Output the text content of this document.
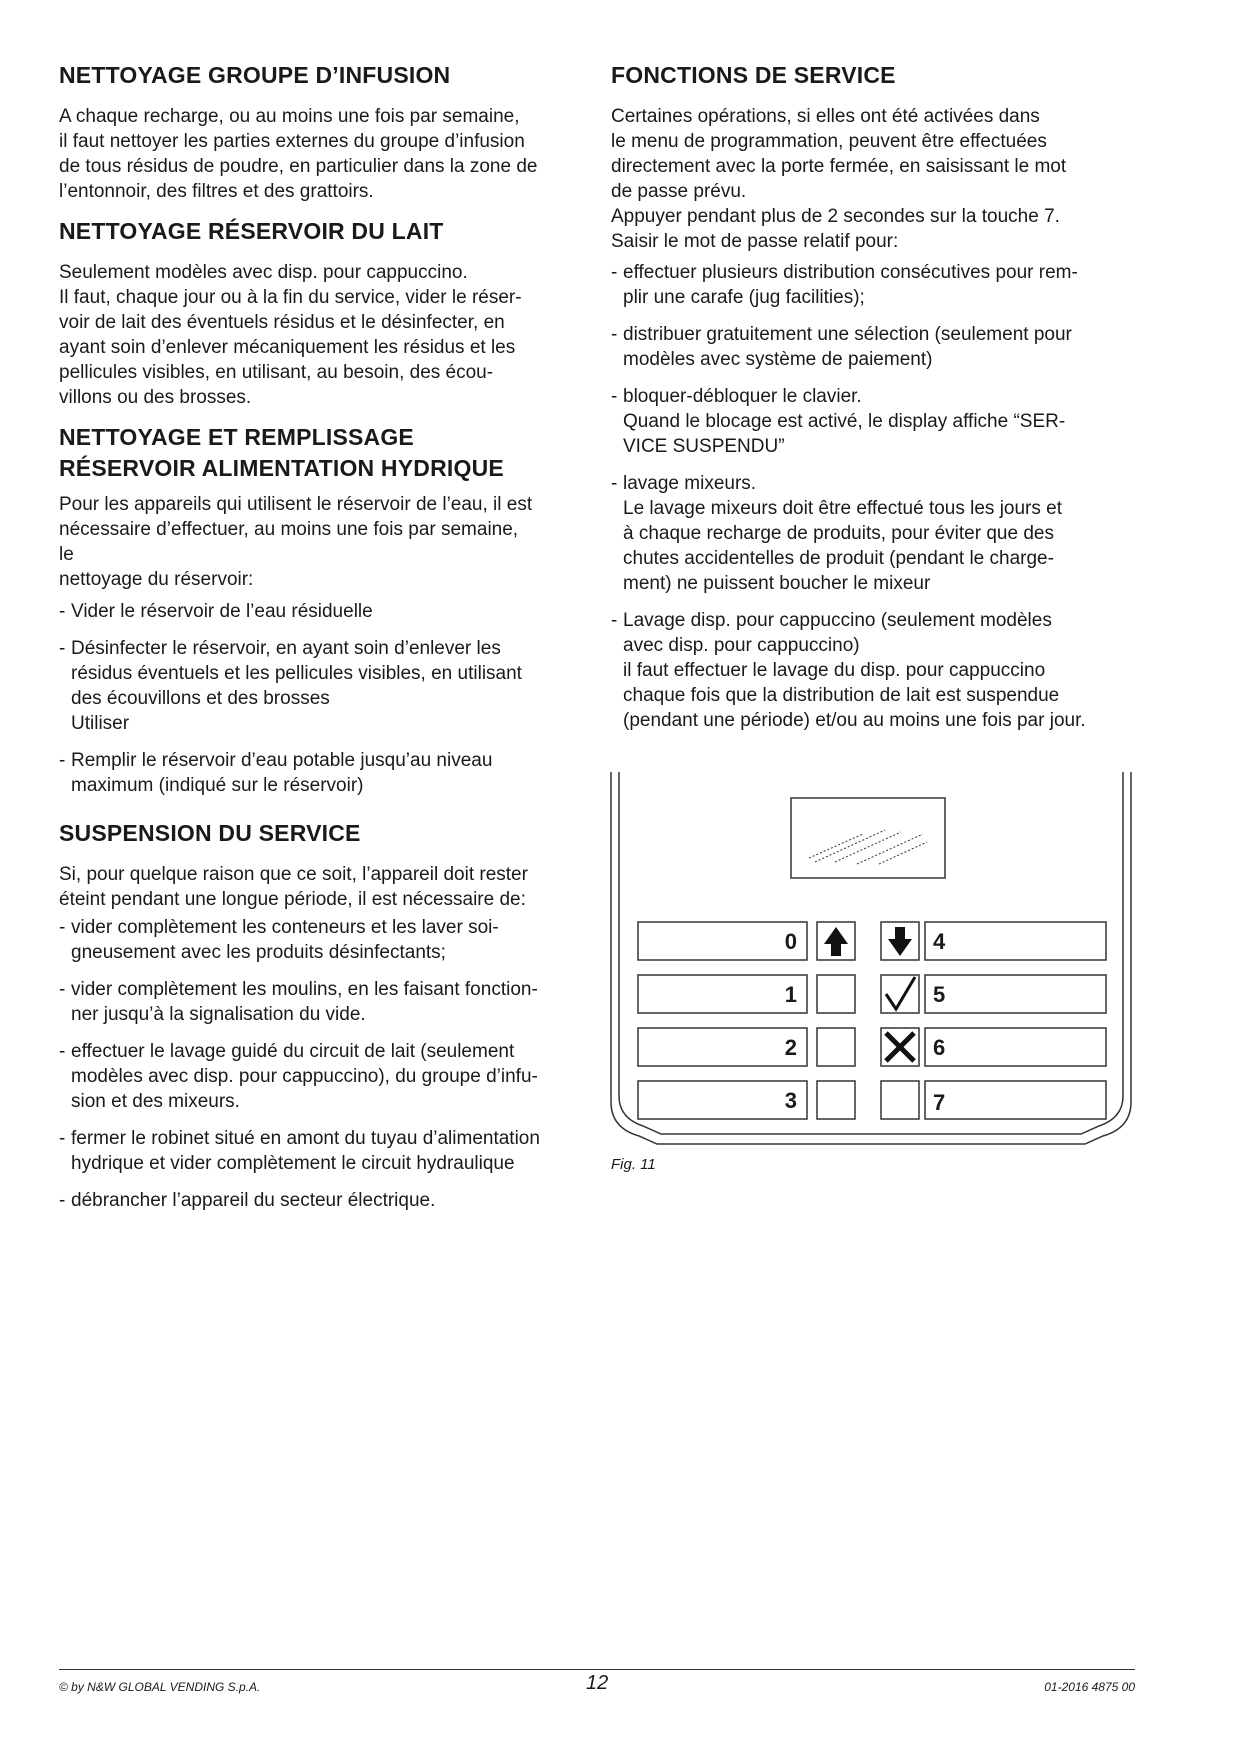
NETTOYAGE GROUPE D’INFUSION

A chaque recharge, ou au moins une fois par semaine,
il faut nettoyer les parties externes du groupe d’infusion
de tous résidus de poudre, en particulier dans la zone de
l’entonnoir, des filtres et des grattoirs.

NETTOYAGE RÉSERVOIR DU LAIT

Seulement modèles avec disp. pour cappuccino.
Il faut, chaque jour ou à la fin du service, vider le réser-
voir de lait des éventuels résidus et le désinfecter, en
ayant soin d’enlever mécaniquement les résidus et les
pellicules visibles, en utilisant, au besoin, des écou-
villons ou des brosses.

NETTOYAGE ET REMPLISSAGE
RÉSERVOIR ALIMENTATION HYDRIQUE

Pour les appareils qui utilisent le réservoir de l’eau, il est
nécessaire d’effectuer, au moins une fois par semaine,
le
nettoyage du réservoir:

- Vider le réservoir de l’eau résiduelle
- Désinfecter le réservoir, en ayant soin d’enlever les
résidus éventuels et les pellicules visibles, en utilisant
des écouvillons et des brosses
Utiliser
- Remplir le réservoir d’eau potable jusqu’au niveau
maximum (indiqué sur le réservoir)
SUSPENSION DU SERVICE

Si, pour quelque raison que ce soit, l’appareil doit rester
éteint pendant une longue période, il est nécessaire de:

- vider complètement les conteneurs et les laver soi-
gneusement avec les produits désinfectants;
- vider complètement les moulins, en les faisant fonction-
ner jusqu’à la signalisation du vide.
- effectuer le lavage guidé du circuit de lait (seulement
modèles avec disp. pour cappuccino), du groupe d’infu-
sion et des mixeurs.
- fermer le robinet situé en amont du tuyau d’alimentation
hydrique et vider complètement le circuit hydraulique
- débrancher l’appareil du secteur électrique.
FONCTIONS DE SERVICE

Certaines opérations, si elles ont été activées dans
le menu de programmation, peuvent être effectuées
directement avec la porte fermée, en saisissant le mot
de passe prévu.
Appuyer pendant plus de 2 secondes sur la touche 7.
Saisir le mot de passe relatif pour:

- effectuer plusieurs distribution consécutives pour rem-
plir une carafe (jug facilities);
- distribuer gratuitement une sélection (seulement pour
modèles avec système de paiement)
- bloquer-débloquer le clavier.
Quand le blocage est activé, le display affiche “SER-
VICE SUSPENDU”
- lavage mixeurs.
Le lavage mixeurs doit être effectué tous les jours et
à chaque recharge de produits, pour éviter que des
chutes accidentelles de produit (pendant le charge-
ment) ne puissent boucher le mixeur
- Lavage disp. pour cappuccino (seulement modèles
avec disp. pour cappuccino)
il faut effectuer le lavage du disp. pour cappuccino
chaque fois que la distribution de lait est suspendue
(pendant une période) et/ou au moins une fois par jour.
0
1
2
3
4
5
6
7
Fig. 11
© by N&W GLOBAL VENDING S.p.A.	12	01-2016 4875 00
